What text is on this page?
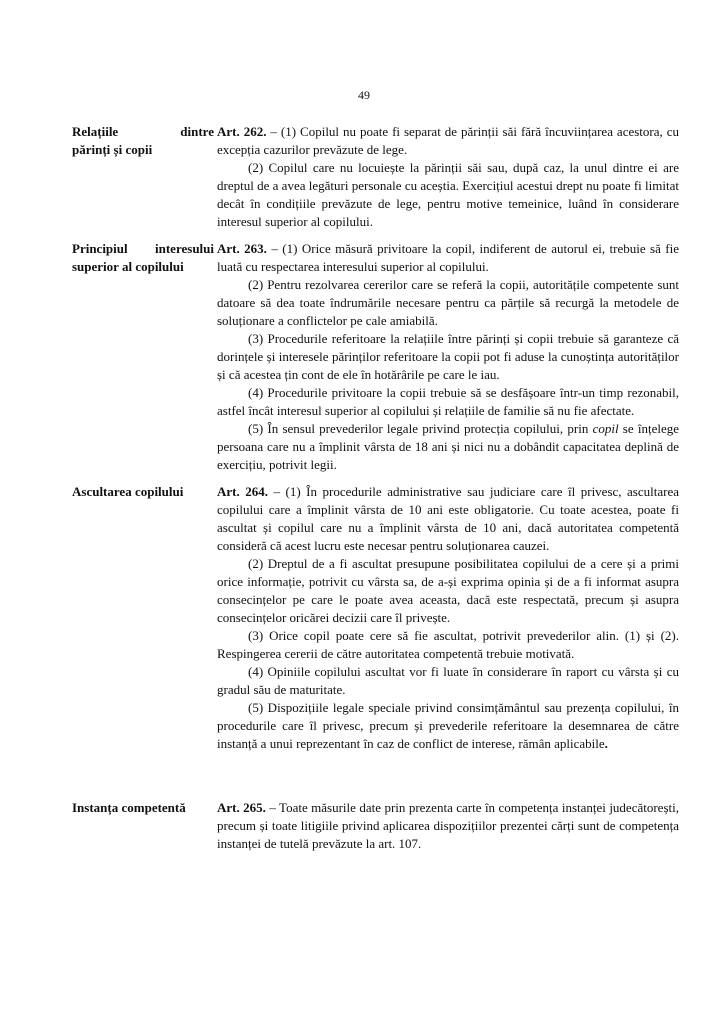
49
Relațiile dintre
părinți și copii

Art. 262. – (1) Copilul nu poate fi separat de părinții săi fără încuviințarea acestora, cu excepția cazurilor prevăzute de lege.

(2) Copilul care nu locuiește la părinții săi sau, după caz, la unul dintre ei are dreptul de a avea legături personale cu aceștia. Exercițiul acestui drept nu poate fi limitat decât în condițiile prevăzute de lege, pentru motive temeinice, luând în considerare interesul superior al copilului.

Principiul interesului
superior al copilului

Art. 263. – (1) Orice măsură privitoare la copil, indiferent de autorul ei, trebuie să fie luată cu respectarea interesului superior al copilului.

(2) Pentru rezolvarea cererilor care se referă la copii, autoritățile competente sunt datoare să dea toate îndrumările necesare pentru ca părțile să recurgă la metodele de soluționare a conflictelor pe cale amiabilă.

(3) Procedurile referitoare la relațiile între părinți și copii trebuie să garanteze că dorințele și interesele părinților referitoare la copii pot fi aduse la cunoștința autorităților și că acestea țin cont de ele în hotărârile pe care le iau.

(4) Procedurile privitoare la copii trebuie să se desfășoare într-un timp rezonabil, astfel încât interesul superior al copilului și relațiile de familie să nu fie afectate.

(5) În sensul prevederilor legale privind protecția copilului, prin copil se înțelege persoana care nu a împlinit vârsta de 18 ani și nici nu a dobândit capacitatea deplină de exercițiu, potrivit legii.

Ascultarea copilului	Art. 264. – (1) În procedurile administrative sau judiciare care îl privesc, ascultarea copilului care a împlinit vârsta de 10 ani este obligatorie. Cu toate acestea, poate fi ascultat și copilul care nu a împlinit vârsta de 10 ani, dacă autoritatea competentă consideră că acest lucru este necesar pentru soluționarea cauzei.

(2) Dreptul de a fi ascultat presupune posibilitatea copilului de a cere și a primi orice informație, potrivit cu vârsta sa, de a-și exprima opinia și de a fi informat asupra consecințelor pe care le poate avea aceasta, dacă este respectată, precum și asupra consecințelor oricărei decizii care îl privește.

(3) Orice copil poate cere să fie ascultat, potrivit prevederilor alin. (1) și (2). Respingerea cererii de către autoritatea competentă trebuie motivată.

(4) Opiniile copilului ascultat vor fi luate în considerare în raport cu vârsta și cu gradul său de maturitate.

(5) Dispozițiile legale speciale privind consimțământul sau prezența copilului, în procedurile care îl privesc, precum și prevederile referitoare la desemnarea de către instanță a unui reprezentant în caz de conflict de interese, rămân aplicabile.

Instanța competentă	Art. 265. – Toate măsurile date prin prezenta carte în competența instanței judecătorești, precum și toate litigiile privind aplicarea dispozițiilor prezentei cărți sunt de competența instanței de tutelă prevăzute la art. 107.
